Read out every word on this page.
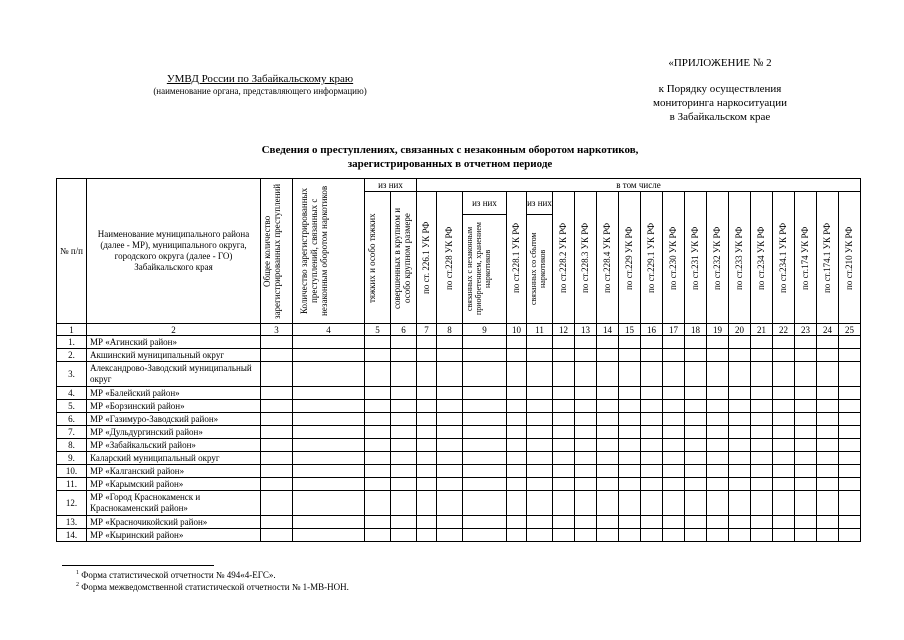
УМВД России по Забайкальскому краю
(наименование органа, представляющего информацию)
«ПРИЛОЖЕНИЕ № 2
к Порядку осуществления
мониторинга наркоситуации
в Забайкальском крае
Сведения о преступлениях, связанных с незаконным оборотом наркотиков,
зарегистрированных в отчетном периоде
№ п/п	Наименование муниципального района (далее - МР), муниципального округа, городского округа (далее - ГО) Забайкальского края	Общее количество зарегистрированных преступлений	Количество зарегистрированных преступлений, связанных с незаконным оборотом наркотиков	из них		в том числе																		

				тяжких и особо тяжких	совершенных в крупном и особо крупном размере	по ст. 226.1 УК РФ	по ст.228 УК РФ	из них	по ст.228.1 УК РФ	из них	по ст.228.2 УК РФ	по ст.228.3 УК РФ	по ст.228.4 УК РФ	по ст.229 УК РФ	по ст.229.1 УК РФ	по ст.230 УК РФ	по ст.231 УК РФ	по ст.232 УК РФ	по ст.233 УК РФ	по ст.234 УК РФ	по ст.234.1 УК РФ	по ст.174 УК РФ	по ст.174.1 УК РФ	по ст.210 УК РФ

								связанных с незаконным приобретением, хранением наркотиков		связанных со сбытом наркотиков														

1	2	3	4	5	6	7	8	9	10	11	12	13	14	15	16	17	18	19	20	21	22	23	24	25
1.	МР «Агинский район»																							
2.	Акшинский муниципальный округ																							
3.	Александрово-Заводский муниципальный округ																							
4.	МР «Балейский район»																							
5.	МР «Борзинский район»																							
6.	МР «Газимуро-Заводский район»																							
7.	МР «Дульдургинский район»																							
8.	МР «Забайкальский район»																							
9.	Каларский муниципальный округ																							
10.	МР «Калганский район»																							
11.	МР «Карымский район»																							
12.	МР «Город Краснокаменск и Краснокаменский район»																							
13.	МР «Красночикойский район»																							
14.	МР «Кыринский район»																							
$^1$ Форма статистической отчетности № 494«4-ЕГС».
$^2$ Форма межведомственной статистической отчетности № 1-МВ-НОН.
